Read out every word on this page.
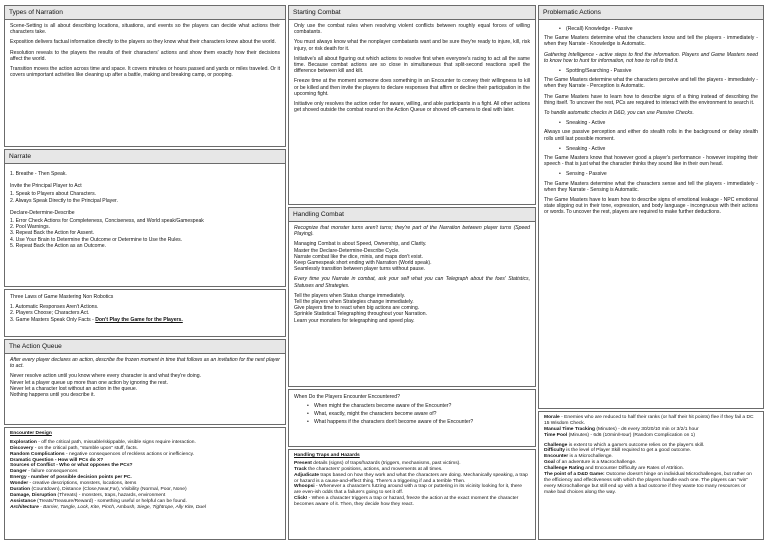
Types of Narration

Scene-Setting is all about describing locations, situations, and events so the players can decide what actions their characters take.

Exposition delivers factual information directly to the players so they know what their characters know about the world.

Resolution reveals to the players the results of their characters' actions and show them exactly how their decisions affect the world.

Transition moves the action across time and space. It covers minutes or hours passed and yards or miles traveled. Or it covers unimportant activities like cleaning up after a battle, making and breaking camp, or pooping.

Narrate
1. Breathe - Then Speak.
Invite the Principal Player to Act
1. Speak to Players about Characters.
2. Always Speak Directly to the Principal Player.
Declare-Determine-Describe
1. Error Check Actions for Completeness, Conciseness, and World speak/Gamespeak
2. Pool Warnings.
3. Repeat Back the Action for Assent.
4. Use Your Brain to Determine the Outcome or Determine to Use the Rules.
5. Repeat Back the Action as an Outcome.
Three Laws of Game Mastering Non Robotics
1. Automatic Responses Aren't Actions.
2. Players Choose; Characters Act.
3. Game Masters Speak Only Facts - Don't Play the Game for the Players.
The Action Queue

After every player declares an action, describe the frozen moment in time that follows as an invitation for the next player to act.

Never resolve action until you know where every character is and what they're doing.
Never let a player queue up more than one action by ignoring the rest.
Never let a character lost without an action in the queue.
Nothing happens until you describe it.
Encounter Design
Exploration - off the critical path, missable/skippable, visible signs require interaction.
Discovery - on the critical path, "stumble upon" stuff, facts.
Random Complications - negative consequences of reckless actions or inefficiency.
Dramatic Question - How will PCs do X?
Sources of Conflict - Who or what opposes the PCs?
Danger - failure consequences
Energy - number of possible decision points per PC.
Wonder - creative descriptions, monsters, locations, items
Duration (Countdown), Distance (Close,Near,Far), Visibility (Normal, Poor, None)
Damage, Disruption (Threats) - monsters, traps, hazards, environment
Assistance (Treats/Treasure/Reward) - something useful or helpful can be found.
Architecture - Barrier, Tangle, Lock, Kite, Pinch, Ambush, Siege, Tightrope, Ally Kite, Duel
Starting Combat

Only use the combat rules when resolving violent conflicts between roughly equal forces of willing combatants.

You must always know what the nonplayer combatants want and be sure they're ready to injure, kill, risk injury, or risk death for it.

Initiative's all about figuring out which actions to resolve first when everyone's racing to act all the same time. Because combat actions are so close in simultaneous that split-second reactions spell the difference between kill and kilt.

Freeze time at the moment someone does something in an Encounter to convey their willingness to kill or be killed and then invite the players to declare responses that affirm or decline their participation in the upcoming fight.

Initiative only resolves the action order for aware, willing, and able participants in a fight. All other actions get shoved outside the combat round on the Action Queue or shoved off-camera to deal with later.

Handling Combat

Recognize that monster turns aren't turns; they're part of the Narration between player turns (Speed Playing).

Managing Combat is about Speed, Ownership, and Clarity.
Master the Declare-Determine-Describe Cycle.
Narrate combat like the dice, minis, and maps don't exist.
Keep Gamespeak short ending with Narration (World speak).
Seamlessly transition between player turns without pause.

Every time you Narrate in combat, ask your self what you can Telegraph about the foes' Statistics, Statuses and Strategies.

Tell the players when Status change immediately.
Tell the players when Strategies change immediately.
Give players time to react when big actions are coming.
Sprinkle Statistical Telegraphing throughout your Narration.
Learn your monsters for telegraphing and speed play.
When Do the Players Encounter Encountered?
• When might the characters become aware of the Encounter?
• What, exactly, might the characters become aware of?
• What happens if the characters don't become aware of the Encounter?
Handling Traps and Hazards
Present details (signs) of traps/hazards (triggers, mechanisms, past victims).
Track the characters' positions, actions, and movements at all times.
Adjudicate traps based on how they work and what the characters are doing. Mechanically speaking, a trap or hazard is a cause-and-effect thing. There's a triggering if and a terrible Then.
Whoopsi - Whenever a character's futzing around with a trap or puttering in its vicinity looking for it, there are even-ish odds that a failure's going to set it off.
Click! - When a character triggers a trap or hazard, freeze the action at the exact moment the character becomes aware of it. Then, they decide how they react.
Problematic Actions
• (Recall) Knowledge - Passive

The Game Masters determine what the characters know and tell the players - immediately - when they Narrate - Knowledge is Automatic.

Gathering Intelligence - active steps to find the information. Players and Game Masters need to know how to hunt for information, not how to roll to find it.

• Spotting/Searching - Passive

The Game Masters determine what the characters perceive and tell the players - immediately - when they Narrate - Perception is Automatic.

The Game Masters have to learn how to describe signs of a thing instead of describing the thing itself. To uncover the rest, PCs are required to interact with the environment to search it.

To handle automatic checks in D&D, you can use Passive Checks.

• Sneaking - Active

Always use passive perception and either do stealth rolls in the background or delay stealth rolls until last possible moment.

• Sneaking - Active

The Game Masters know that however good a player's performance - however inspiring their speech - that is just what the character thinks they sound like in their own head.

• Sensing - Passive

The Game Masters determine what the characters sense and tell the players - immediately - when they Narrate - Sensing is Automatic.

The Game Masters have to learn how to describe signs of emotional leakage - NPC emotional state slipping out in their tone, expression, and body language - incongruous with their actions or words. To uncover the rest, players are required to make further deductions.

Morale - Enemies who are reduced to half their ranks (or half their hit points) flee if they fail a DC 15 Wisdom Check.
Manual Time Tracking (Minutes) - d6 every 30/20/10 min or 3/2/1 hour
Time Pool (Minutes) - 6d6 (10min/Hour) (Random Complication on 1)
Challenge is extent to which a game's outcome relies on the player's skill.
Difficulty is the level of Player Skill required to get a good outcome.
Encounter is a Microchallenge.
Goal of an adventure is a Macrochallenge.
Challenge Rating and Encounter Difficulty are Rates of Attrition.
The point of a D&D Game: Outcome doesn't hinge on individual Microchallenges, but rather on the efficiency and effectiveness with which the players handle each one. The players can "win" every Microchallenge but still end up with a bad outcome if they waste too many resources or make bad choices along the way.
